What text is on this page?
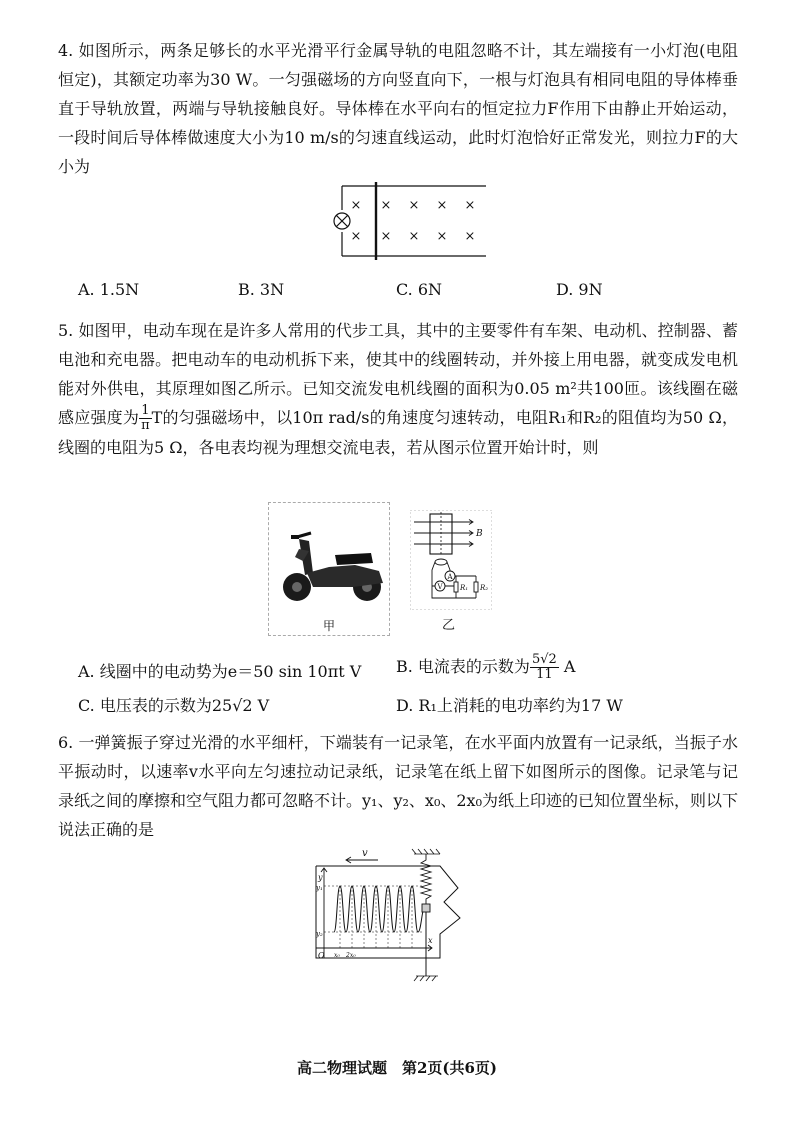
4. 如图所示，两条足够长的水平光滑平行金属导轨的电阻忽略不计，其左端接有一小灯泡(电阻恒定)，其额定功率为30 W。一匀强磁场的方向竖直向下，一根与灯泡具有相同电阻的导体棒垂直于导轨放置，两端与导轨接触良好。导体棒在水平向右的恒定拉力F作用下由静止开始运动，一段时间后导体棒做速度大小为10 m/s的匀速直线运动，此时灯泡恰好正常发光，则拉力F的大小为

×
×
×
×
×
×
×
×
×
×
A. 1.5N	B. 3N	C. 6N	D. 9N

5. 如图甲，电动车现在是许多人常用的代步工具，其中的主要零件有车架、电动机、控制器、蓄电池和充电器。把电动车的电动机拆下来，使其中的线圈转动，并外接上用电器，就变成发电机能对外供电，其原理如图乙所示。已知交流发电机线圈的面积为0.05 m²共100匝。该线圈在磁感应强度为 $\frac{1}{\pi}$ T的匀强磁场中，以10π rad/s的角速度匀速转动，电阻R₁和R₂的阻值均为50 Ω，线圈的电阻为5 Ω，各电表均视为理想交流电表，若从图示位置开始计时，则

甲
B
A
V R₁ R₂
乙
A. 线圈中的电动势为e＝50 sin 10πt V B. 电流表的示数为 $\frac{5√2}{11}$ A
C. 电压表的示数为25√2 V	D. R₁上消耗的电功率约为17 W

6. 一弹簧振子穿过光滑的水平细杆，下端装有一记录笔，在水平面内放置有一记录纸，当振子水平振动时，以速率v水平向左匀速拉动记录纸，记录笔在纸上留下如图所示的图像。记录笔与记录纸之间的摩擦和空气阻力都可忽略不计。y₁、y₂、x₀、2x₀为纸上印迹的已知位置坐标，则以下说法正确的是

v
y
y₁
y₂
O x₀ 2x₀
x
高二物理试题　第2页(共6页)
